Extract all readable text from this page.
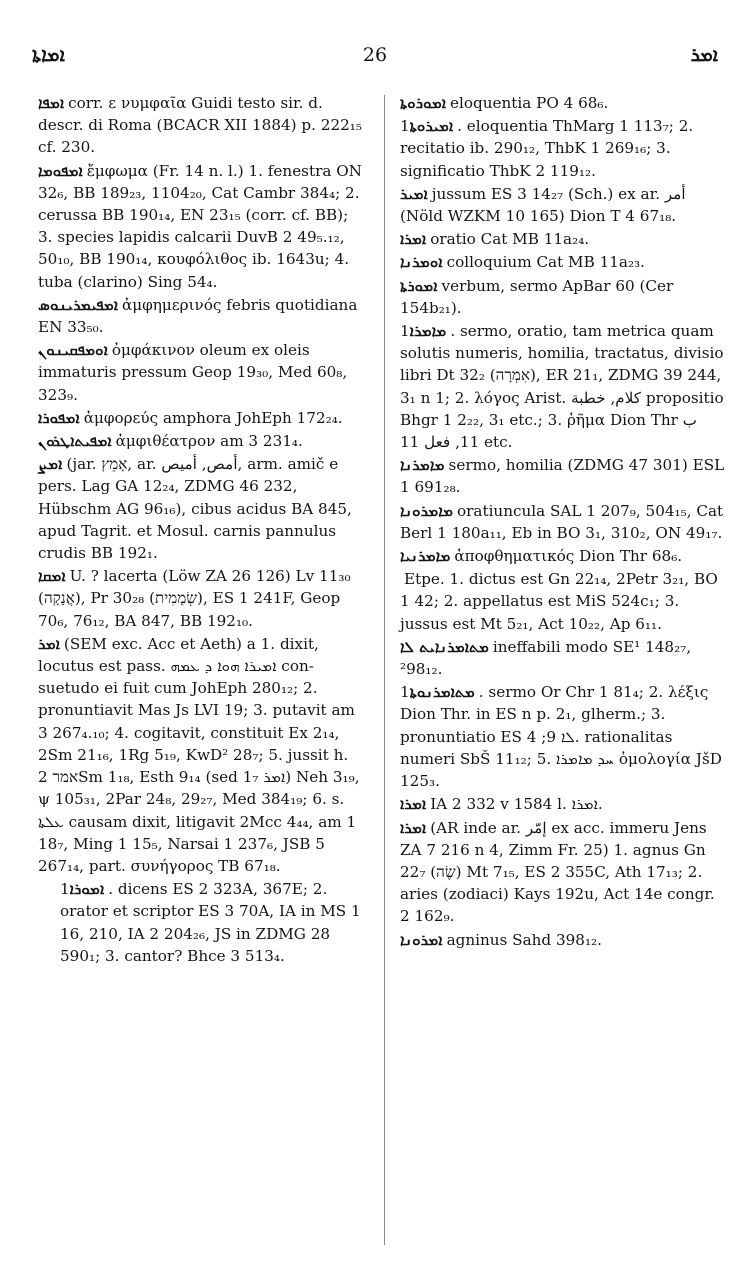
ܐܡܐܬܐ	26	ܐܡܪ
ܐܡܦܐ corr. ε νυμφαῖα Guidi testo sir. d. descr. di Roma (BCACR XII 1884) p. 222₁₅ cf. 230.
ܐܡܦܘܡܐ ἔμφωμα (Fr. 14 n. l.) 1. fenestra ON 32₆, BB 189₂₃, 1104₂₀, Cat Cambr 384₄; 2. cerussa BB 190₁₄, EN 23₁₅ (corr. cf. BB); 3. species lapidis calcarii DuvB 2 49₅.₁₂, 50₁₀, BB 190₁₄, κουφόλιθος ib. 1643u; 4. tuba (clarino) Sing 54₄.
ܐܡܦܝܡܪܝܢܘܣ ἀμφημερινός febris quotidiana EN 33₅₀.
ܐܘܡܦܩܝܢܘܢ ὀμφάκινον oleum ex oleis immaturis pressum Geop 19₃₀, Med 60₈, 323₉.
ܐܡܦܘܪܐ ἀμφορεύς amphora JohEph 172₂₄.
ܐܡܦܝܬܐܛܪܘܢ ἀμφιθέατρον am 3 231₄.
ܐܡܨ (jar. אָמֵץ, ar. أمص, أميص, arm. amič e pers. Lag GA 12₂₄, ZDMG 46 232, Hübschm AG 96₁₆), cibus acidus BA 845, apud Tagrit. et Mosul. carnis pannulus crudis BB 192₁.
ܐܡܩܐ U. ? lacerta (Löw ZA 26 126) Lv 11₃₀ (אֲנָקָה), Pr 30₂₈ (שְׂמָמִית), ES 1 241F, Geop 70₆, 76₁₂, BA 847, BB 192₁₀.
ܐܡܪ (SEM exc. Acc et Aeth) a 1. dixit, locutus est pass. ܐܡܝܪܐ ܗܘܐ ܕ ܥܡܗ con-suetudo ei fuit cum JohEph 280₁₂; 2. pronuntiavit Mas Js LVI 19; 3. putavit am 3 267₄.₁₀; 4. cogitavit, constituit Ex 2₁₄, 2Sm 21₁₆, 1Rg 5₁₉, KwD² 28₇; 5. jussit h. אמר 2Sm 1₁₈, Esth 9₁₄ (sed 1₇ ܐܡܪ) Neh 3₁₉, ψ 105₃₁, 2Par 24₈, 29₂₇, Med 384₁₉; 6. s. ܥܠܬܐ causam dixit, litigavit 2Mcc 4₄₄, am 1 18₇, Ming 1 15₅, Narsai 1 237₆, JSB 5 267₁₄, part. συνήγορος TB 67₁₈.
ܐܡܘܪܐ1. dicens ES 2 323A, 367E; 2. orator et scriptor ES 3 70A, IA in MS 1 16, 210, IA 2 204₂₆, JS in ZDMG 28 590₁; 3. cantor? Bhce 3 513₄.
ܐܡܘܪܘܬܐ eloquentia PO 4 68₆.
ܐܡܝܪܘܬܐ1. eloquentia ThMarg 1 113₇; 2. recitatio ib. 290₁₂, ThbK 1 269₁₆; 3. significatio ThbK 2 119₁₂.
ܐܡܝܪ jussum ES 3 14₂₇ (Sch.) ex ar. أمر (Nöld WZKM 10 165) Dion T 4 67₁₈.
ܐܡܪܐ oratio Cat MB 11a₂₄.
ܐܘܡܪܢܐ colloquium Cat MB 11a₂₃.
ܐܡܘܪܬܐ verbum, sermo ApBar 60 (Cer 154b₂₁).
ܡܐܡܪܐ1. sermo, oratio, tam metrica quam solutis numeris, homilia, tractatus, divisio libri Dt 32₂ (אִמְרָה), ER 21₁, ZDMG 39 244, 3₁ n 1; 2. λόγος Arist. كلام, خطبة propositio Bhgr 1 2₂₂, 3₁ etc.; 3. ῥῆμα Dion Thr ب 11, فعل 11 etc.
ܡܐܡܪܢܐ sermo, homilia (ZDMG 47 301) ESL 1 691₂₈.
ܡܐܡܪܘܢܐ oratiuncula SAL 1 207₉, 504₁₅, Cat Berl 1 180a₁₁, Eb in BO 3₁, 310₂, ON 49₁₇.
ܡܐܡܪܢܝܐ ἀποφθηματικός Dion Thr 68₆.
Etpe. 1. dictus est Gn 22₁₄, 2Petr 3₂₁, BO 1 42; 2. appellatus est MiS 524c₁; 3. jussus est Mt 5₂₁, Act 10₂₂, Ap 6₁₁.
ܡܬܐܡܪܢܐܝܬ ܠܐ ineffabili modo SE¹ 148₂₇, ²98₁₂.
ܡܬܐܡܪܢܘܬܐ1. sermo Or Chr 1 81₄; 2. λέξις Dion Thr. in ES n p. 2₁, glherm.; 3. pronuntiatio ES ܠܐ 9; 4. rationalitas numeri SbŠ 11₁₂; 5. ܚܕ ܡܐܡܪܐ ὁμολογία JšD 125₃.
ܐܡܪܐ IA 2 332 v 1584 l. ܐܡܪܐ.
ܐܡܪܐ (AR inde ar. إمّر ex acc. immeru Jens ZA 7 216 n 4, Zimm Fr. 25) 1. agnus Gn 22₇ (שֶׂה) Mt 7₁₅, ES 2 355C, Ath 17₁₃; 2. aries (zodiaci) Kays 192u, Act 14e congr. 2 162₉.
ܐܡܪܘܢܐ agninus Sahd 398₁₂.
